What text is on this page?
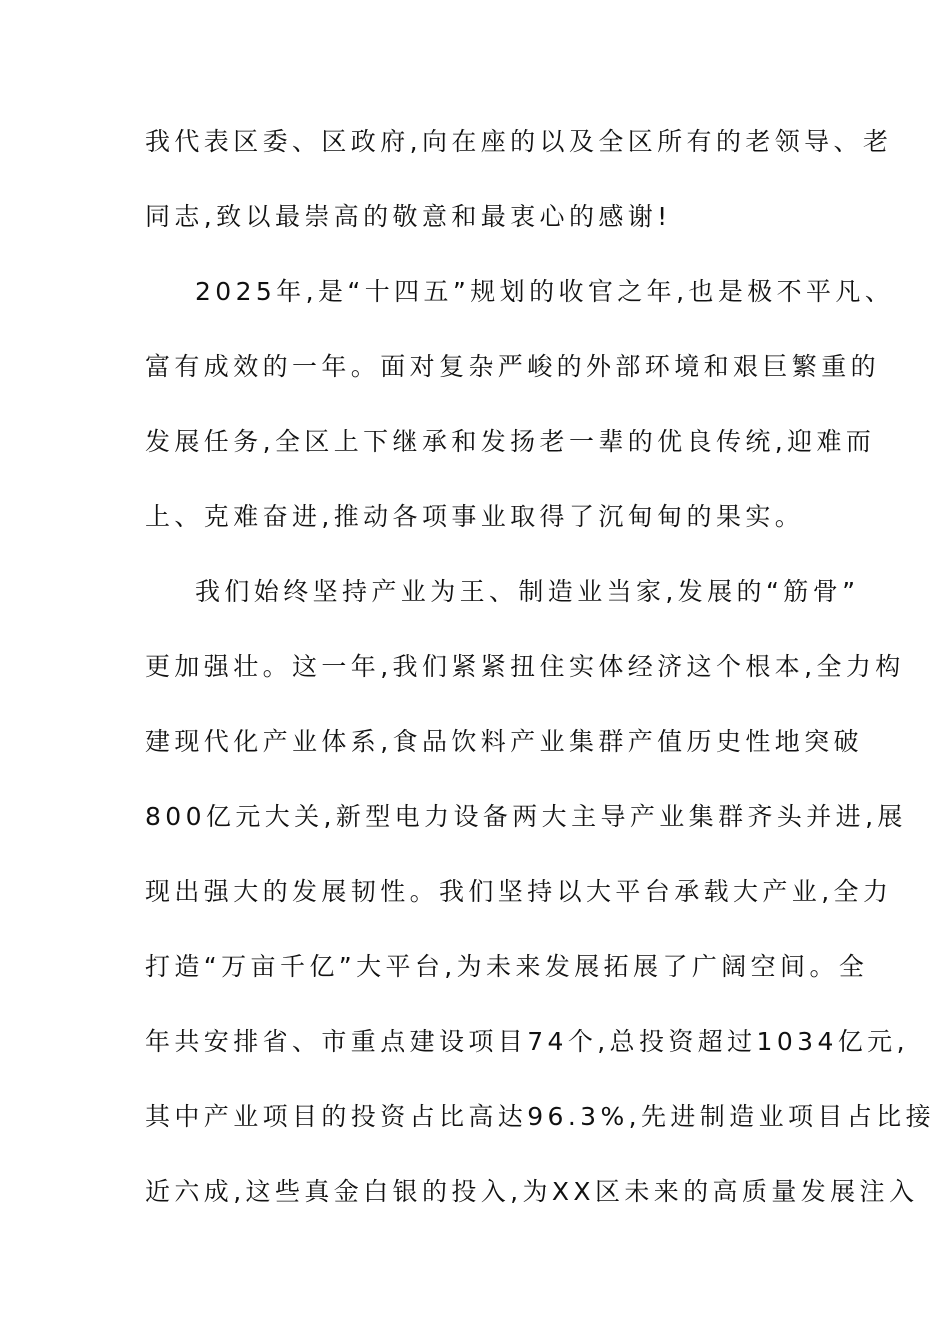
我代表区委、区政府,向在座的以及全区所有的老领导、老
同志,致以最崇高的敬意和最衷心的感谢!
2025年,是“十四五”规划的收官之年,也是极不平凡、
富有成效的一年。面对复杂严峻的外部环境和艰巨繁重的
发展任务,全区上下继承和发扬老一辈的优良传统,迎难而
上、克难奋进,推动各项事业取得了沉甸甸的果实。
我们始终坚持产业为王、制造业当家,发展的“筋骨”
更加强壮。这一年,我们紧紧扭住实体经济这个根本,全力构
建现代化产业体系,食品饮料产业集群产值历史性地突破
800亿元大关,新型电力设备两大主导产业集群齐头并进,展
现出强大的发展韧性。我们坚持以大平台承载大产业,全力
打造“万亩千亿”大平台,为未来发展拓展了广阔空间。全
年共安排省、市重点建设项目74个,总投资超过1034亿元,
其中产业项目的投资占比高达96.3%,先进制造业项目占比接
近六成,这些真金白银的投入,为XX区未来的高质量发展注入
